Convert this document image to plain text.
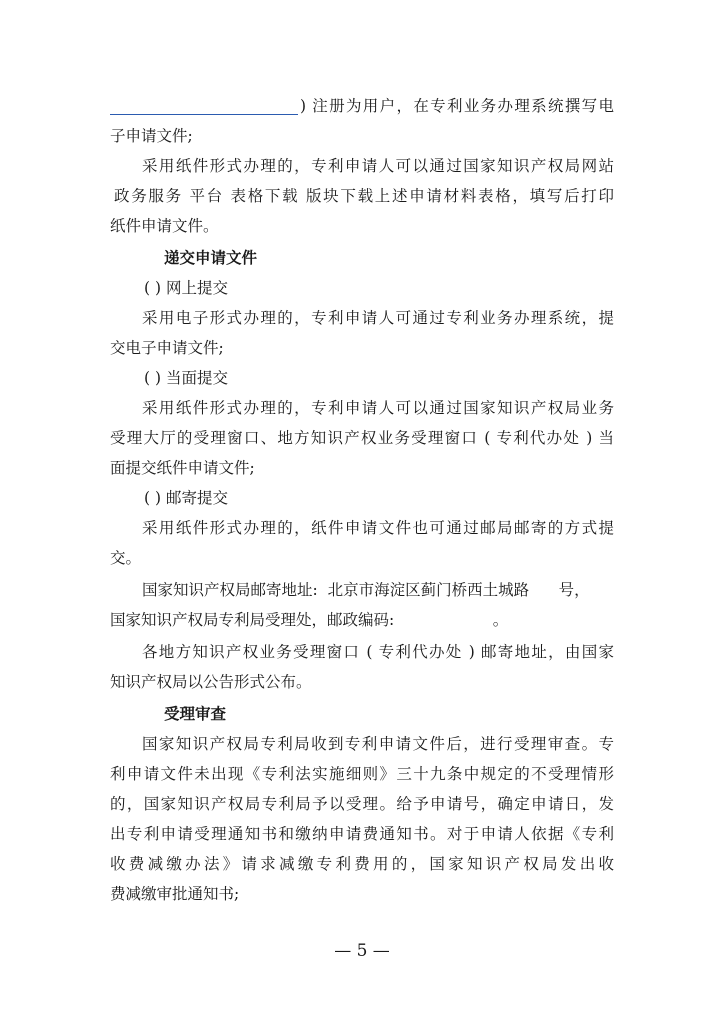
) 注册为用户，在专利业务办理系统撰写电
子申请文件;
采用纸件形式办理的，专利申请人可以通过国家知识产权局网站
政务服务 平台 表格下载 版块下载上述申请材料表格，填写后打印
纸件申请文件。
递交申请文件
( ) 网上提交
采用电子形式办理的，专利申请人可通过专利业务办理系统，提
交电子申请文件;
( ) 当面提交
采用纸件形式办理的，专利申请人可以通过国家知识产权局业务
受理大厅的受理窗口、地方知识产权业务受理窗口 ( 专利代办处 ) 当
面提交纸件申请文件;
( ) 邮寄提交
采用纸件形式办理的，纸件申请文件也可通过邮局邮寄的方式提
交。
国家知识产权局邮寄地址:  北京市海淀区蓟门桥西土城路      号，
国家知识产权局专利局受理处，邮政编码:                    。
各地方知识产权业务受理窗口 ( 专利代办处 ) 邮寄地址，由国家
知识产权局以公告形式公布。
受理审查
国家知识产权局专利局收到专利申请文件后，进行受理审查。专
利申请文件未出现《专利法实施细则》三十九条中规定的不受理情形
的，国家知识产权局专利局予以受理。给予申请号，确定申请日，发
出专利申请受理通知书和缴纳申请费通知书。对于申请人依据《专利
收费减缴办法》请求减缴专利费用的，国家知识产权局发出收
费减缴审批通知书;
— 5 —
